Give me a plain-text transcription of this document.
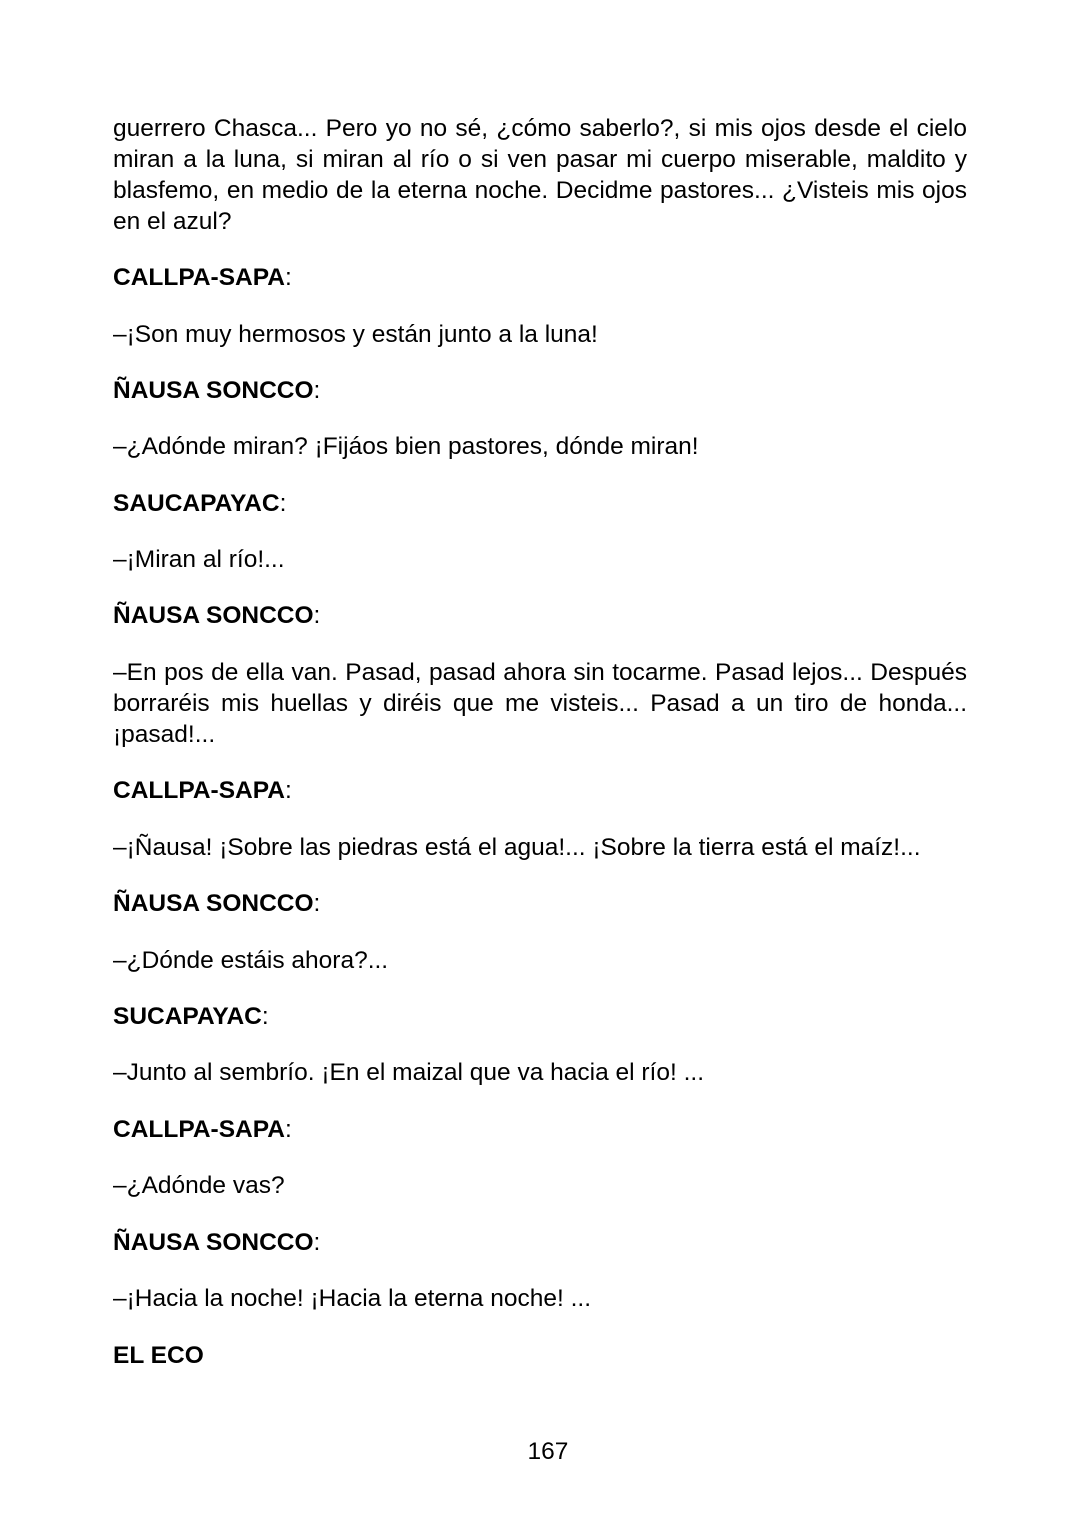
guerrero Chasca... Pero yo no sé, ¿cómo saberlo?, si mis ojos desde el cielo miran a la luna, si miran al río o si ven pasar mi cuerpo miserable, maldito y blasfemo, en medio de la eterna noche. Decidme pastores... ¿Visteis mis ojos en el azul?

CALLPA-SAPA:

–¡Son muy hermosos y están junto a la luna!

ÑAUSA SONCCO:

–¿Adónde miran? ¡Fijáos bien pastores, dónde miran!

SAUCAPAYAC:

–¡Miran al río!...

ÑAUSA SONCCO:

–En pos de ella van. Pasad, pasad ahora sin tocarme. Pasad lejos... Después borraréis mis huellas y diréis que me visteis... Pasad a un tiro de honda... ¡pasad!...

CALLPA-SAPA:

–¡Ñausa! ¡Sobre las piedras está el agua!... ¡Sobre la tierra está el maíz!...

ÑAUSA SONCCO:

–¿Dónde estáis ahora?...

SUCAPAYAC:

–Junto al sembrío. ¡En el maizal que va hacia el río! ...

CALLPA-SAPA:

–¿Adónde vas?

ÑAUSA SONCCO:

–¡Hacia la noche! ¡Hacia la eterna noche! ...

EL ECO

167
